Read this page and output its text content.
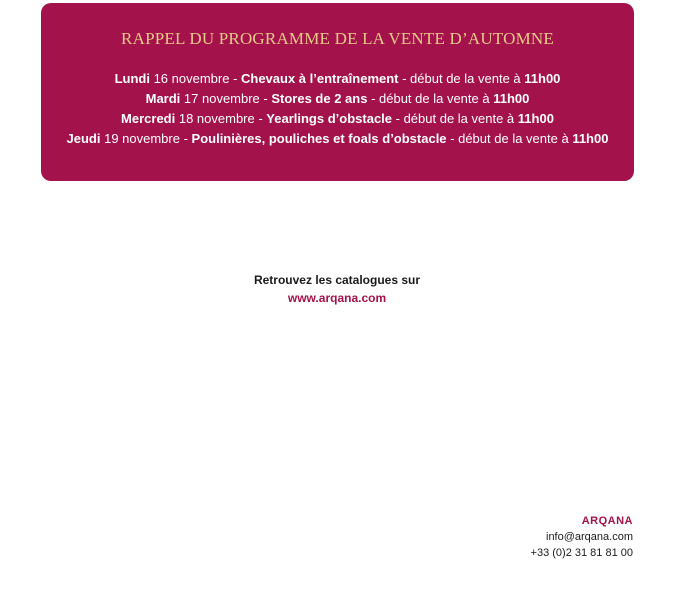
RAPPEL DU PROGRAMME DE LA VENTE D’AUTOMNE
Lundi 16 novembre - Chevaux à l’entraînement - début de la vente à 11h00
Mardi 17 novembre - Stores de 2 ans - début de la vente à 11h00
Mercredi 18 novembre - Yearlings d’obstacle - début de la vente à 11h00
Jeudi 19 novembre - Poulinières, pouliches et foals d’obstacle - début de la vente à 11h00
Retrouvez les catalogues sur
www.arqana.com
ARQANA
info@arqana.com
+33 (0)2 31 81 81 00
